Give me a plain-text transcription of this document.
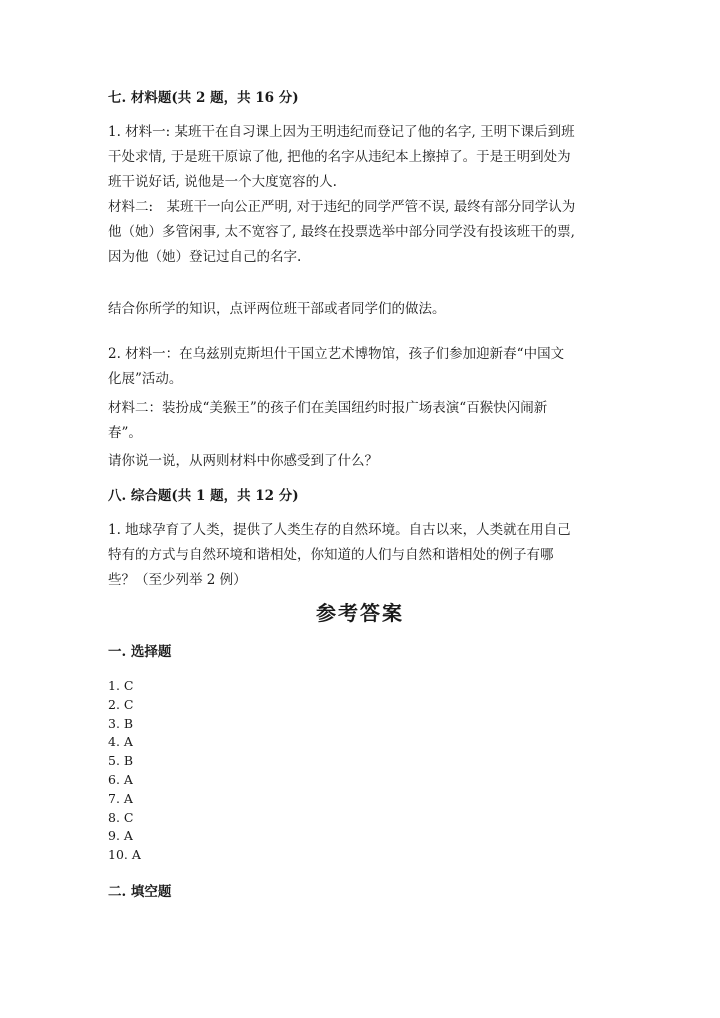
七. 材料题(共 2 题，共 16 分)

1. 材料一: 某班干在自习课上因为王明违纪而登记了他的名字, 王明下课后到班
干处求情, 于是班干原谅了他, 把他的名字从违纪本上擦掉了。于是王明到处为
班干说好话, 说他是一个大度宽容的人.

材料二:　某班干一向公正严明, 对于违纪的同学严管不误, 最终有部分同学认为
他（她）多管闲事, 太不宽容了, 最终在投票选举中部分同学没有投该班干的票,
因为他（她）登记过自己的名字.

结合你所学的知识，点评两位班干部或者同学们的做法。

2. 材料一：在乌兹别克斯坦什干国立艺术博物馆，孩子们参加迎新春“中国文
化展”活动。

材料二：装扮成“美猴王”的孩子们在美国纽约时报广场表演“百猴快闪闹新
春”。

请你说一说，从两则材料中你感受到了什么？

八. 综合题(共 1 题，共 12 分)

1. 地球孕育了人类，提供了人类生存的自然环境。自古以来，人类就在用自己
特有的方式与自然环境和谐相处，你知道的人们与自然和谐相处的例子有哪
些？（至少列举 2 例）

参考答案

一. 选择题

1. C
2. C
3. B
4. A
5. B
6. A
7. A
8. C
9. A
10. A

二. 填空题
